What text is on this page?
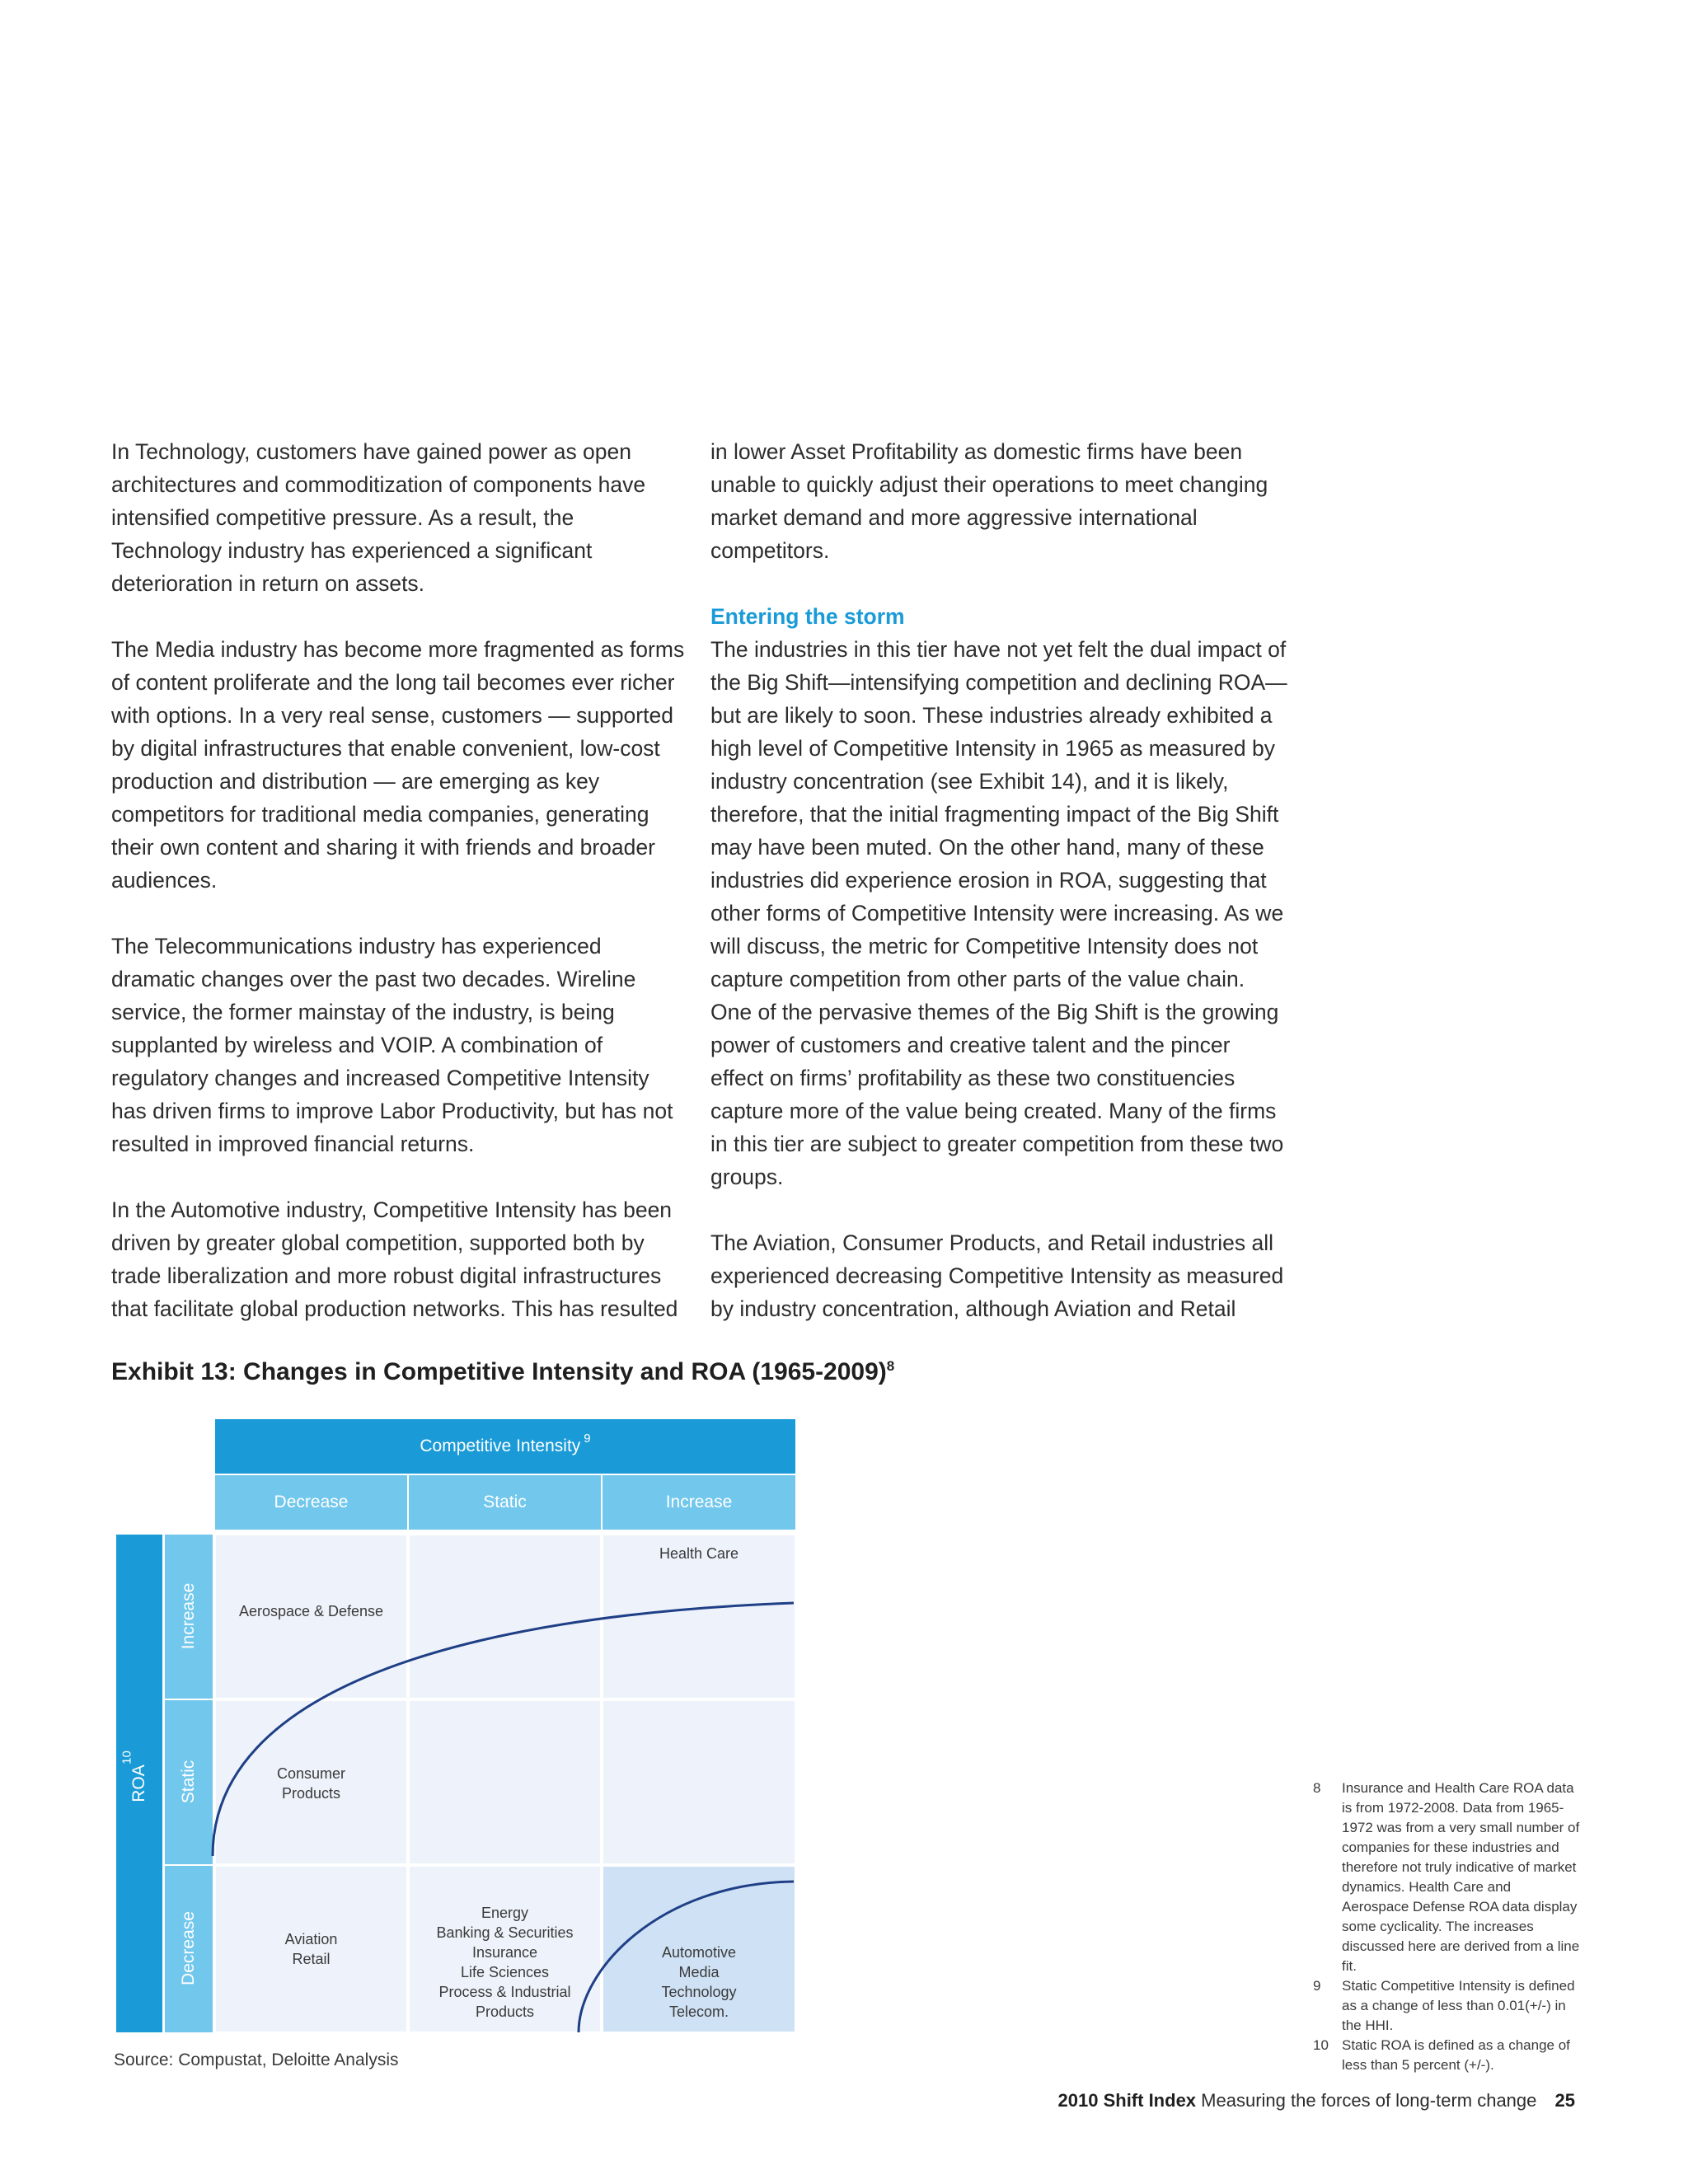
In Technology, customers have gained power as open architectures and commoditization of components have intensified competitive pressure. As a result, the Technology industry has experienced a significant deterioration in return on assets.

The Media industry has become more fragmented as forms of content proliferate and the long tail becomes ever richer with options. In a very real sense, customers — supported by digital infrastructures that enable convenient, low-cost production and distribution — are emerging as key competitors for traditional media companies, generating their own content and sharing it with friends and broader audiences.

The Telecommunications industry has experienced dramatic changes over the past two decades. Wireline service, the former mainstay of the industry, is being supplanted by wireless and VOIP. A combination of regulatory changes and increased Competitive Intensity has driven firms to improve Labor Productivity, but has not resulted in improved financial returns.

In the Automotive industry, Competitive Intensity has been driven by greater global competition, supported both by trade liberalization and more robust digital infrastructures that facilitate global production networks. This has resulted

in lower Asset Profitability as domestic firms have been unable to quickly adjust their operations to meet changing market demand and more aggressive international competitors.

Entering the storm

The industries in this tier have not yet felt the dual impact of the Big Shift—intensifying competition and declining ROA—but are likely to soon. These industries already exhibited a high level of Competitive Intensity in 1965 as measured by industry concentration (see Exhibit 14), and it is likely, therefore, that the initial fragmenting impact of the Big Shift may have been muted. On the other hand, many of these industries did experience erosion in ROA, suggesting that other forms of Competitive Intensity were increasing. As we will discuss, the metric for Competitive Intensity does not capture competition from other parts of the value chain. One of the pervasive themes of the Big Shift is the growing power of customers and creative talent and the pincer effect on firms’ profitability as these two constituencies capture more of the value being created. Many of the firms in this tier are subject to greater competition from these two groups.

The Aviation, Consumer Products, and Retail industries all experienced decreasing Competitive Intensity as measured by industry concentration, although Aviation and Retail

Exhibit 13: Changes in Competitive Intensity and ROA (1965-2009)$^8$
Competitive Intensity 9
Decrease	Static	Increase
ROA
10
Increase
Static
Decrease
Aerospace & Defense
Health Care
Consumer
Products
Aviation
Retail
Energy
Banking & Securities
Insurance
Life Sciences
Process & Industrial
Products
Automotive
Media
Technology
Telecom.
Source: Compustat, Deloitte Analysis
8 Insurance and Health Care ROA data is from 1972-2008. Data from 1965-1972 was from a very small number of companies for these industries and therefore not truly indicative of market dynamics. Health Care and Aerospace Defense ROA data display some cyclicality. The increases discussed here are derived from a line fit.
9 Static Competitive Intensity is defined as a change of less than 0.01(+/-) in the HHI.
10 Static ROA is defined as a change of less than 5 percent (+/-).
2010 Shift Index Measuring the forces of long-term change 25
